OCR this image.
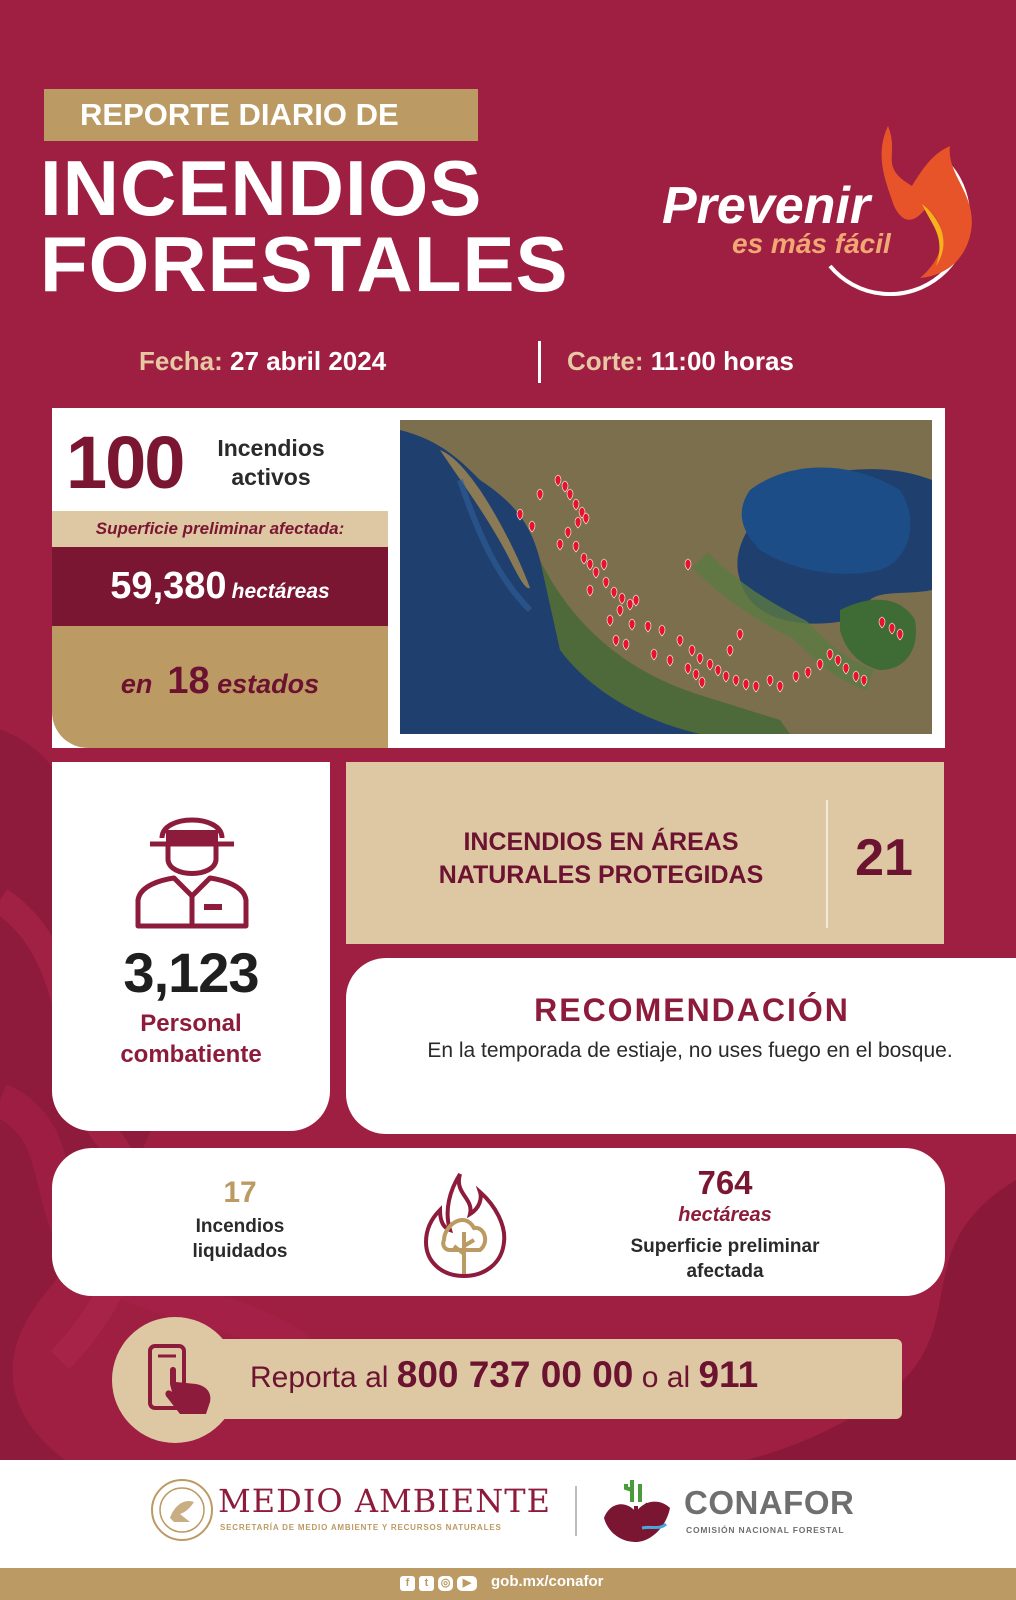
REPORTE DIARIO DE
INCENDIOS
FORESTALES
Prevenir
es más fácil
Fecha: 27 abril 2024	Corte: 11:00 horas
100	Incendios
activos
Superficie preliminar afectada:
59,380 hectáreas
en 18 estados
3,123
Personal
combatiente
INCENDIOS EN ÁREAS
NATURALES PROTEGIDAS	21
RECOMENDACIÓN
En la temporada de estiaje, no uses fuego en el bosque.
17
Incendios
liquidados
764
hectáreas
Superficie preliminar
afectada
Reporta al 800 737 00 00 o al 911
MEDIO AMBIENTE
SECRETARÍA DE MEDIO AMBIENTE Y RECURSOS NATURALES
CONAFOR
COMISIÓN NACIONAL FORESTAL
f	t	◎	▶	gob.mx/conafor
